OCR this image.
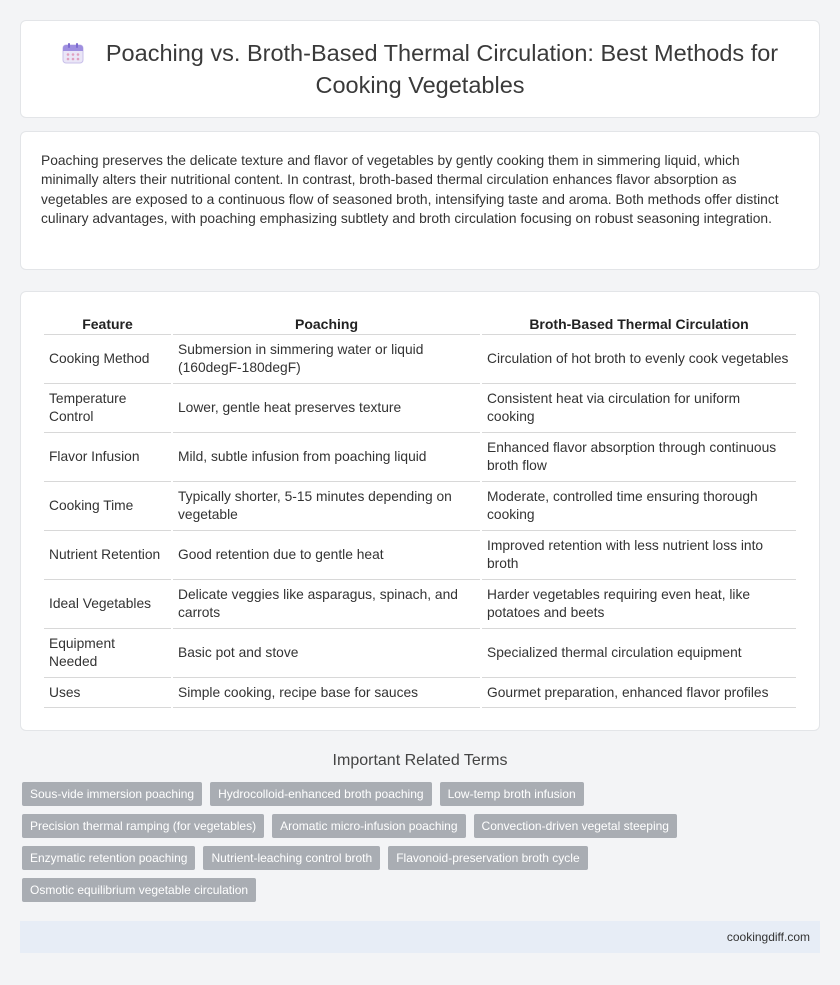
Poaching vs. Broth-Based Thermal Circulation: Best Methods for Cooking Vegetables

Poaching preserves the delicate texture and flavor of vegetables by gently cooking them in simmering liquid, which minimally alters their nutritional content. In contrast, broth-based thermal circulation enhances flavor absorption as vegetables are exposed to a continuous flow of seasoned broth, intensifying taste and aroma. Both methods offer distinct culinary advantages, with poaching emphasizing subtlety and broth circulation focusing on robust seasoning integration.

Feature	Poaching	Broth-Based Thermal Circulation
Cooking Method	Submersion in simmering water or liquid (160degF-180degF)	Circulation of hot broth to evenly cook vegetables
Temperature Control	Lower, gentle heat preserves texture	Consistent heat via circulation for uniform cooking
Flavor Infusion	Mild, subtle infusion from poaching liquid	Enhanced flavor absorption through continuous broth flow
Cooking Time	Typically shorter, 5-15 minutes depending on vegetable	Moderate, controlled time ensuring thorough cooking
Nutrient Retention	Good retention due to gentle heat	Improved retention with less nutrient loss into broth
Ideal Vegetables	Delicate veggies like asparagus, spinach, and carrots	Harder vegetables requiring even heat, like potatoes and beets
Equipment Needed	Basic pot and stove	Specialized thermal circulation equipment
Uses	Simple cooking, recipe base for sauces	Gourmet preparation, enhanced flavor profiles
Important Related Terms
Sous-vide immersion poaching	Hydrocolloid-enhanced broth poaching	Low-temp broth infusion
Precision thermal ramping (for vegetables)	Aromatic micro-infusion poaching	Convection-driven vegetal steeping
Enzymatic retention poaching	Nutrient-leaching control broth	Flavonoid-preservation broth cycle
Osmotic equilibrium vegetable circulation
cookingdiff.com
